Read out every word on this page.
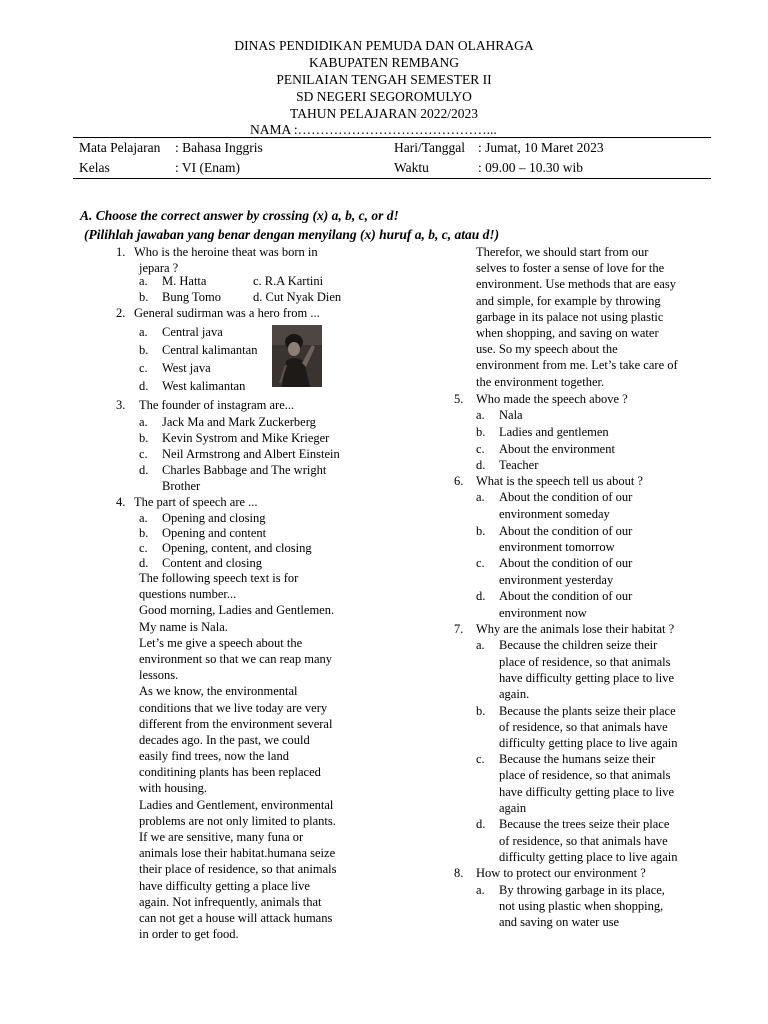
DINAS PENDIDIKAN PEMUDA DAN OLAHRAGA
KABUPATEN REMBANG
PENILAIAN TENGAH SEMESTER II
SD NEGERI SEGOROMULYO
TAHUN PELAJARAN 2022/2023
NAMA :……………………………………...
Mata Pelajaran : Bahasa Inggris	Hari/Tanggal : Jumat, 10 Maret 2023
Kelas	: VI (Enam)	Waktu	: 09.00 – 10.30 wib
A. Choose the correct answer by crossing (x) a, b, c, or d!
(Pilihlah jawaban yang benar dengan menyilang (x) huruf a, b, c, atau d!)
1. Who is the heroine theat was born in
jepara ?
a. M. Hatta	c. R.A Kartini
b. Bung Tomo	d. Cut Nyak Dien
2. General sudirman was a hero from ...
a. Central java
b. Central kalimantan
c. West java
d. West kalimantan
3. The founder of instagram are...
a. Jack Ma and Mark Zuckerberg
b. Kevin Systrom and Mike Krieger
c. Neil Armstrong and Albert Einstein
d. Charles Babbage and The wright
Brother
4. The part of speech are ...
a. Opening and closing
b. Opening and content
c. Opening, content, and closing
d. Content and closing

The following speech text is for

questions number...

Good morning, Ladies and Gentlemen.

My name is Nala.

Let’s me give a speech about the

environment so that we can reap many

lessons.

As we know, the environmental

conditions that we live today are very

different from the environment several

decades ago. In the past, we could

easily find trees, now the land

conditining plants has been replaced

with housing.

Ladies and Gentlement, environmental

problems are not only limited to plants.

If we are sensitive, many funa or

animals lose their habitat.humana seize

their place of residence, so that animals

have difficulty getting a place live

again. Not infrequently, animals that

can not get a house will attack humans

in order to get food.

Therefor, we should start from our

selves to foster a sense of love for the

environment. Use methods that are easy

and simple, for example by throwing

garbage in its palace not using plastic

when shopping, and saving on water

use. So my speech about the

environment from me. Let’s take care of

the environment together.

5. Who made the speech above ?
a. Nala
b. Ladies and gentlemen
c. About the environment
d. Teacher
6. What is the speech tell us about ?
a. About the condition of our
environment someday
b. About the condition of our
environment tomorrow
c. About the condition of our
environment yesterday
d. About the condition of our
environment now
7. Why are the animals lose their habitat ?
a. Because the children seize their
place of residence, so that animals
have difficulty getting place to live
again.
b. Because the plants seize their place
of residence, so that animals have
difficulty getting place to live again
c. Because the humans seize their
place of residence, so that animals
have difficulty getting place to live
again
d. Because the trees seize their place
of residence, so that animals have
difficulty getting place to live again
8. How to protect our environment ?
a. By throwing garbage in its place,
not using plastic when shopping,
and saving on water use
